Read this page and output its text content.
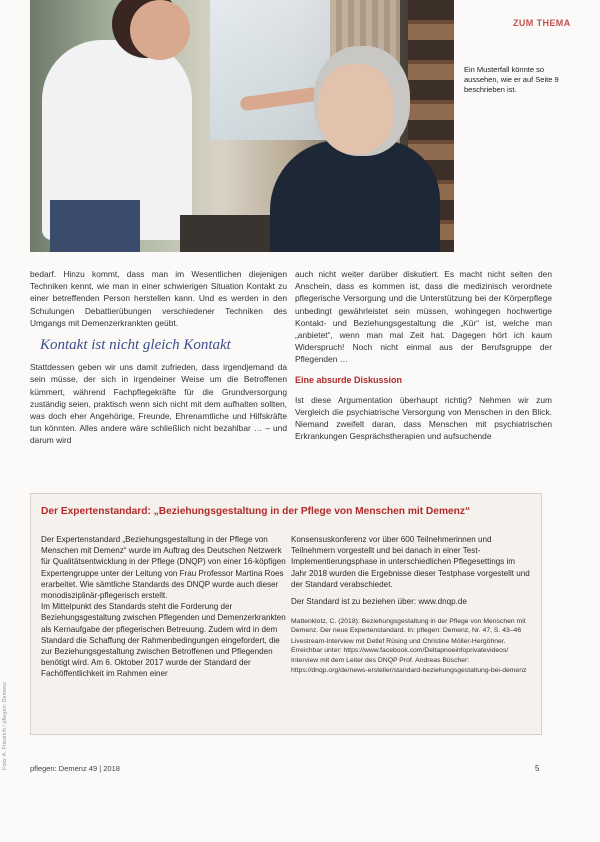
ZUM THEMA
Ein Musterfall könnte so aussehen, wie er auf Seite 9 beschrieben ist.

bedarf. Hinzu kommt, dass man im Wesentlichen diejenigen Techniken kennt, wie man in einer schwierigen Situation Kontakt zu einer betreffenden Person herstellen kann. Und es werden in den Schulungen Debattierübungen verschiedener Techniken des Umgangs mit Demenzerkrankten geübt.

Kontakt ist nicht gleich Kontakt

Stattdessen geben wir uns damit zufrieden, dass irgendjemand da sein müsse, der sich in irgendeiner Weise um die Betroffenen kümmert, während Fachpflegekräfte für die Grundversorgung zuständig seien, praktisch wenn sich nicht mit dem aufhalten sollten, was doch eher Angehörige, Freunde, Ehrenamtliche und Hilfskräfte tun könnten. Alles andere wäre schließlich nicht bezahlbar … – und darum wird

auch nicht weiter darüber diskutiert. Es macht nicht selten den Anschein, dass es kommen ist, dass die medizinisch verordnete pflegerische Versorgung und die Unterstützung bei der Körperpflege unbedingt gewährleistet sein müssen, wohingegen hochwertige Kontakt- und Beziehungsgestaltung die „Kür“ ist, welche man „anbietet“, wenn man mal Zeit hat. Dagegen hört ich kaum Widerspruch! Noch nicht einmal aus der Berufsgruppe der Pflegenden …

Eine absurde Diskussion

Ist diese Argumentation überhaupt richtig? Nehmen wir zum Vergleich die psychiatrische Versorgung von Menschen in den Blick. Niemand zweifelt daran, dass Menschen mit psychiatrischen Erkrankungen Gesprächstherapien und aufsuchende

Der Expertenstandard: „Beziehungsgestaltung in der Pflege von Menschen mit Demenz“

Der Expertenstandard „Beziehungsgestaltung in der Pflege von Menschen mit Demenz“ wurde im Auftrag des Deutschen Netzwerk für Qualitätsentwicklung in der Pflege (DNQP) von einer 16-köpfigen Expertengruppe unter der Leitung von Frau Professor Martina Roes erarbeitet. Wie sämtliche Standards des DNQP wurde auch dieser monodisziplinär-pflegerisch erstellt.

Im Mittelpunkt des Standards steht die Forderung der Beziehungsgestaltung zwischen Pflegenden und Demenzerkrankten als Kernaufgabe der pflegerischen Betreuung. Zudem wird in dem Standard die Schaffung der Rahmenbedingungen eingefordert, die zur Beziehungsgestaltung zwischen Betroffenen und Pflegenden benötigt wird. Am 6. Oktober 2017 wurde der Standard der Fachöffentlichkeit im Rahmen einer

Konsensuskonferenz vor über 600 Teilnehmerinnen und Teilnehmern vorgestellt und bei danach in einer Test-Implementierungsphase in unterschiedlichen Pflegesettings im Jahr 2018 wurden die Ergebnisse dieser Testphase vorgestellt und der Standard verabschiedet.

Der Standard ist zu beziehen über: www.dnqp.de

Mattenklotz, C. (2018): Beziehungsgestaltung in der Pflege von Menschen mit Demenz. Der neue Expertenstandard. In: pflegen: Demenz, Nr. 47, S. 43–46
Livestream-Interview mit Detlef Rüsing und Christine Möller-Hergöhner. Erreichbar unter: https://www.facebook.com/Deltapnoeinfoprivatevideos/
Interview mit dem Leiter des DNQP Prof. Andreas Büscher:
https://dnqp.org/de/news-ersteller/standard-beziehungsgestaltung-bei-demenz
Foto: A. Friedrich / pflegen: Demenz	pflegen: Demenz 49 | 2018	5
